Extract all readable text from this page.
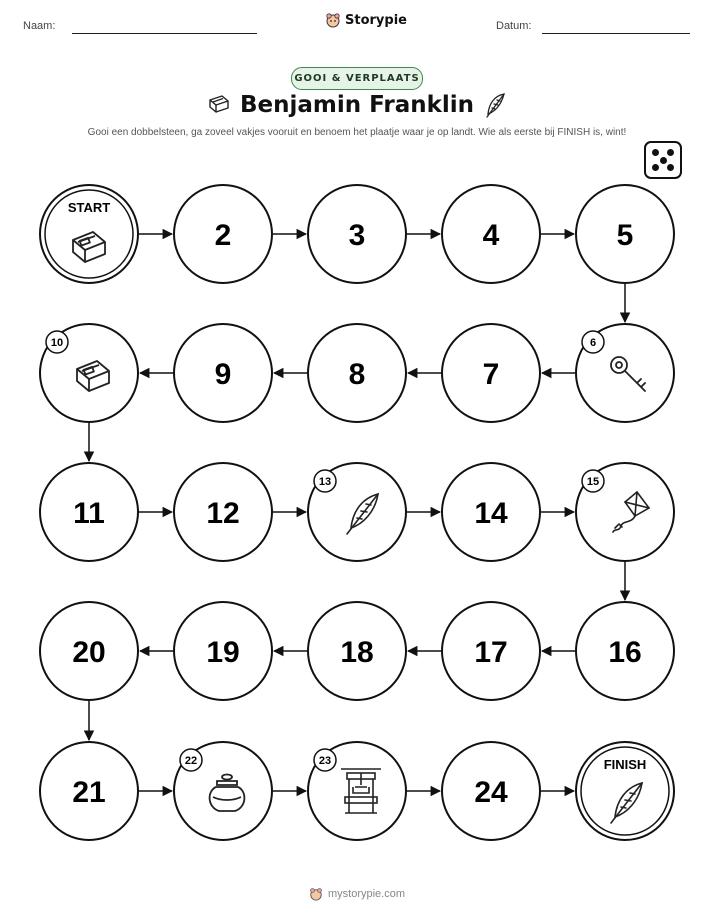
Naam:	Storypie	Datum:
GOOI & VERPLAATS
Benjamin Franklin
Gooi een dobbelsteen, ga zoveel vakjes vooruit en benoem het plaatje waar je op landt. Wie als eerste bij FINISH is, wint!
START
2	3	4	5
6
7
8
9
10
11	12
13
14
15
16
17
18
19
20
21
22	23
24
FINISH
mystorypie.com
